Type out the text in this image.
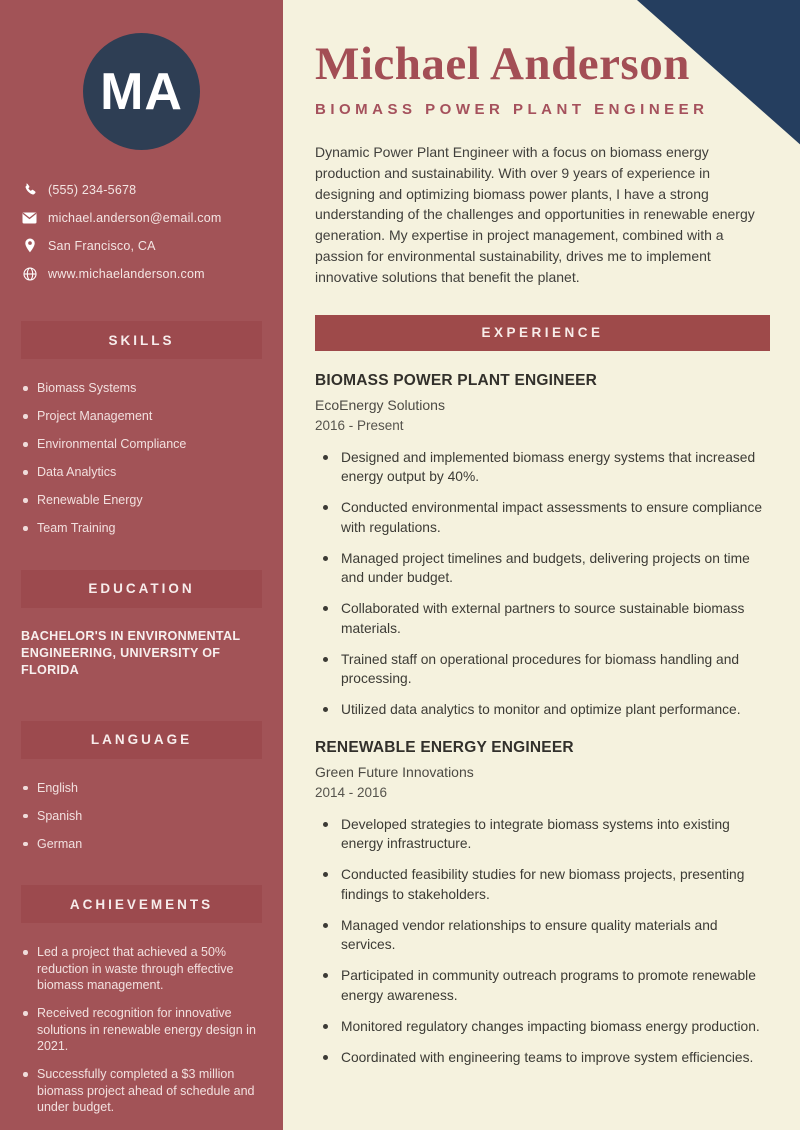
MA
(555) 234-5678
michael.anderson@email.com
San Francisco, CA
www.michaelanderson.com
SKILLS
Biomass Systems
Project Management
Environmental Compliance
Data Analytics
Renewable Energy
Team Training
EDUCATION
BACHELOR'S IN ENVIRONMENTAL ENGINEERING, UNIVERSITY OF FLORIDA
LANGUAGE
English
Spanish
German
ACHIEVEMENTS
Led a project that achieved a 50% reduction in waste through effective biomass management.
Received recognition for innovative solutions in renewable energy design in 2021.
Successfully completed a $3 million biomass project ahead of schedule and under budget.
Michael Anderson
BIOMASS POWER PLANT ENGINEER

Dynamic Power Plant Engineer with a focus on biomass energy production and sustainability. With over 9 years of experience in designing and optimizing biomass power plants, I have a strong understanding of the challenges and opportunities in renewable energy generation. My expertise in project management, combined with a passion for environmental sustainability, drives me to implement innovative solutions that benefit the planet.

EXPERIENCE
BIOMASS POWER PLANT ENGINEER
EcoEnergy Solutions
2016 - Present
Designed and implemented biomass energy systems that increased energy output by 40%.
Conducted environmental impact assessments to ensure compliance with regulations.
Managed project timelines and budgets, delivering projects on time and under budget.
Collaborated with external partners to source sustainable biomass materials.
Trained staff on operational procedures for biomass handling and processing.
Utilized data analytics to monitor and optimize plant performance.
RENEWABLE ENERGY ENGINEER
Green Future Innovations
2014 - 2016
Developed strategies to integrate biomass systems into existing energy infrastructure.
Conducted feasibility studies for new biomass projects, presenting findings to stakeholders.
Managed vendor relationships to ensure quality materials and services.
Participated in community outreach programs to promote renewable energy awareness.
Monitored regulatory changes impacting biomass energy production.
Coordinated with engineering teams to improve system efficiencies.
